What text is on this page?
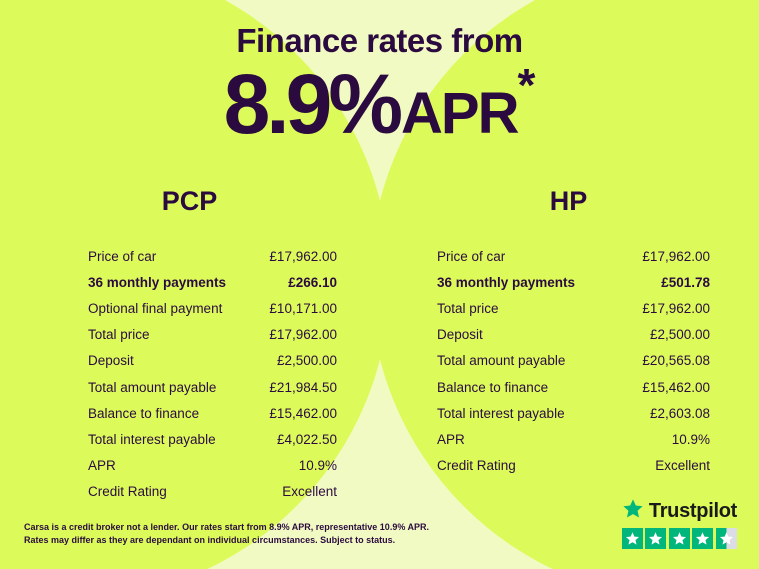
Finance rates from
8.9%APR*
PCP
Price of car	£17,962.00
36 monthly payments	£266.10
Optional final payment	£10,171.00
Total price	£17,962.00
Deposit	£2,500.00
Total amount payable	£21,984.50
Balance to finance	£15,462.00
Total interest payable	£4,022.50
APR	10.9%
Credit Rating	Excellent
HP
Price of car	£17,962.00
36 monthly payments	£501.78
Total price	£17,962.00
Deposit	£2,500.00
Total amount payable	£20,565.08
Balance to finance	£15,462.00
Total interest payable	£2,603.08
APR	10.9%
Credit Rating	Excellent
Carsa is a credit broker not a lender. Our rates start from 8.9% APR, representative 10.9% APR. Rates may differ as they are dependant on individual circumstances. Subject to status.
Trustpilot
